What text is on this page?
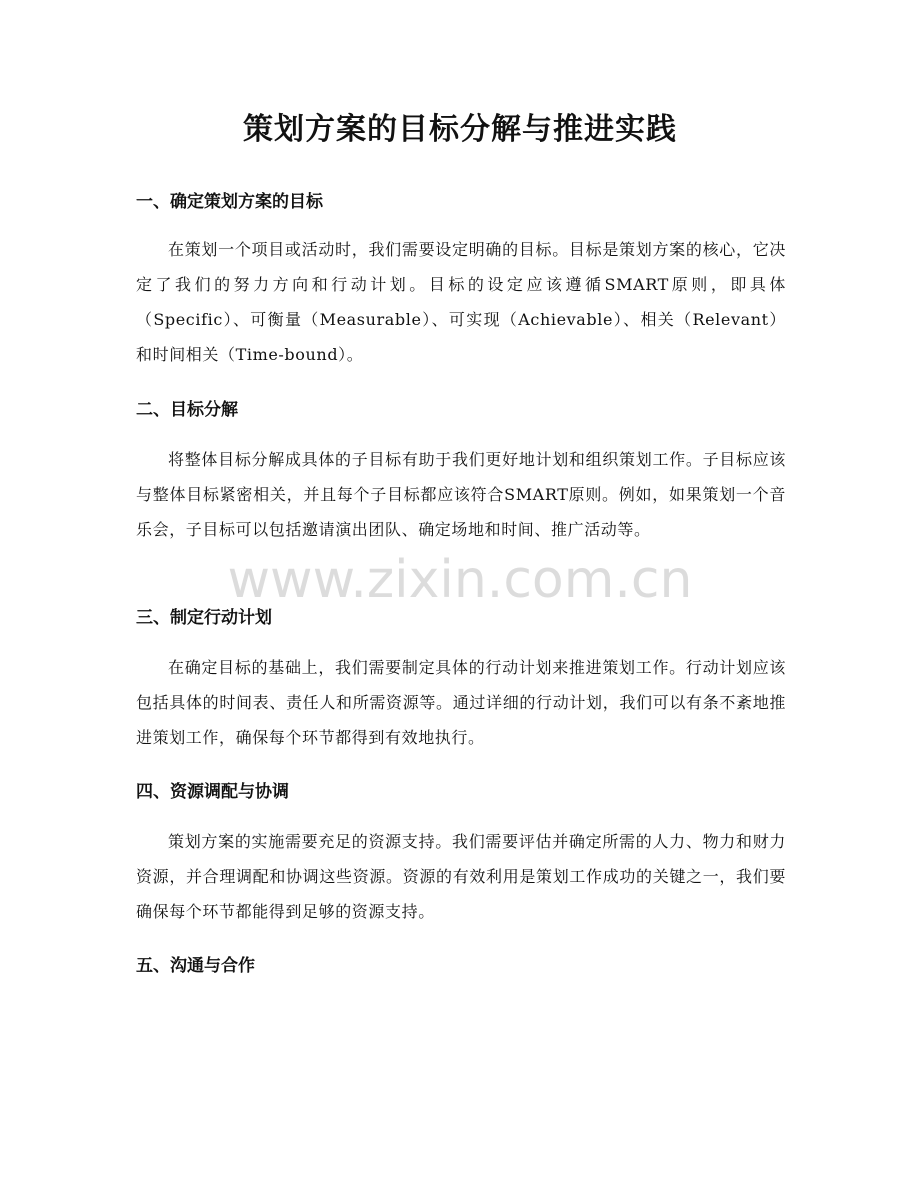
策划方案的目标分解与推进实践
一、确定策划方案的目标

在策划一个项目或活动时，我们需要设定明确的目标。目标是策划方案的核心，它决定了我们的努力方向和行动计划。目标的设定应该遵循SMART原则，即具体（Specific）、可衡量（Measurable）、可实现（Achievable）、相关（Relevant）和时间相关（Time-bound）。

二、目标分解

将整体目标分解成具体的子目标有助于我们更好地计划和组织策划工作。子目标应该与整体目标紧密相关，并且每个子目标都应该符合SMART原则。例如，如果策划一个音乐会，子目标可以包括邀请演出团队、确定场地和时间、推广活动等。

www.zixin.com.cn
三、制定行动计划

在确定目标的基础上，我们需要制定具体的行动计划来推进策划工作。行动计划应该包括具体的时间表、责任人和所需资源等。通过详细的行动计划，我们可以有条不紊地推进策划工作，确保每个环节都得到有效地执行。

四、资源调配与协调

策划方案的实施需要充足的资源支持。我们需要评估并确定所需的人力、物力和财力资源，并合理调配和协调这些资源。资源的有效利用是策划工作成功的关键之一，我们要确保每个环节都能得到足够的资源支持。

五、沟通与合作
